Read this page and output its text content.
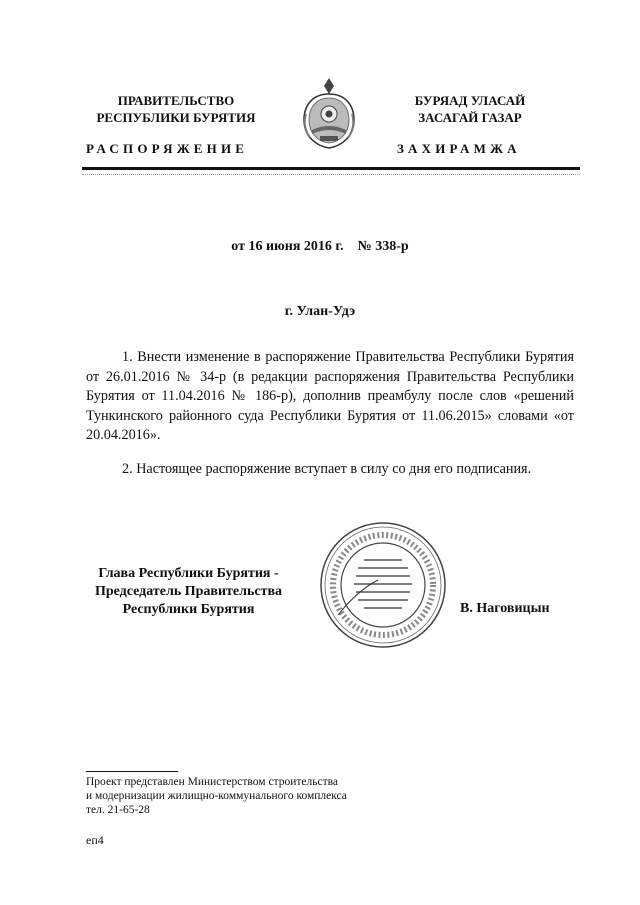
ПРАВИТЕЛЬСТВО
РЕСПУБЛИКИ БУРЯТИЯ
БУРЯАД УЛАСАЙ
ЗАСАГАЙ ГАЗАР
РАСПОРЯЖЕНИЕ	ЗАХИРАМЖА
от 16 июня 2016 г.    № 338-р
г. Улан-Удэ
1. Внести изменение в распоряжение Правительства Республики Бурятия от 26.01.2016 № 34-р (в редакции распоряжения Правительства Республики Бурятия от 11.04.2016 № 186-р), дополнив преамбулу после слов «решений Тункинского районного суда Республики Бурятия от 11.06.2015» словами «от 20.04.2016».
2. Настоящее распоряжение вступает в силу со дня его подписания.
Глава Республики Бурятия -
Председатель Правительства
Республики Бурятия	В. Наговицын
Проект представлен Министерством строительства
и модернизации жилищно-коммунального комплекса
тел. 21-65-28
еп4
